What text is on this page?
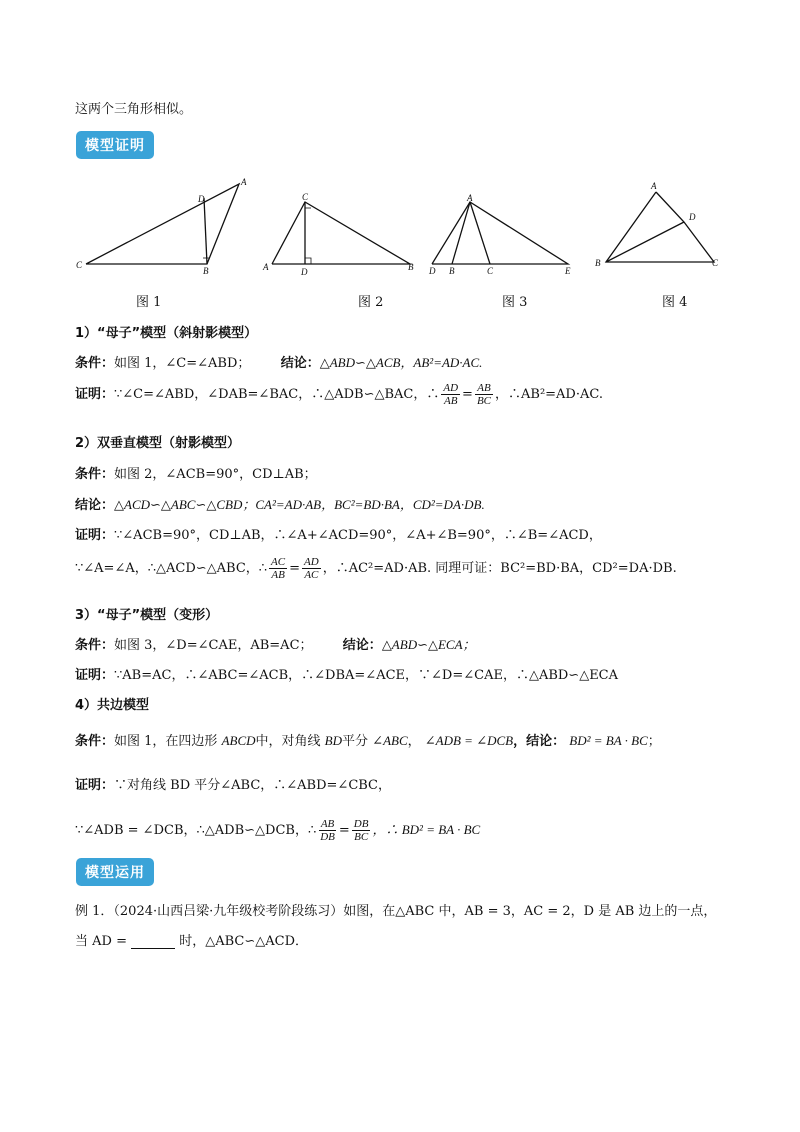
这两个三角形相似。
模型证明
A
D
C
B
C
A	D	B
A
D B	C	E
A
D
B	C
图 1	图 2	图 3	图 4
1）“母子”模型（斜射影模型）
条件：如图 1，∠C=∠ABD； 结论：△ABD∽△ACB，AB²=AD·AC.
证明：∵∠C=∠ABD，∠DAB=∠BAC，∴△ADB∽△BAC，∴ $\frac{AD}{AB} = \frac{AB}{BC}$ ，∴AB²=AD·AC.
2）双垂直模型（射影模型）
条件：如图 2，∠ACB=90°，CD⊥AB；
结论：△ACD∽△ABC∽△CBD；CA²=AD·AB，BC²=BD·BA，CD²=DA·DB.
证明：∵∠ACB=90°，CD⊥AB，∴∠A+∠ACD=90°，∠A+∠B=90°，∴∠B=∠ACD，
∵∠A=∠A，∴△ACD∽△ABC，∴ $\frac{AC}{AB} = \frac{AD}{AC}$ ，∴AC²=AD·AB. 同理可证：BC²=BD·BA，CD²=DA·DB.
3）“母子”模型（变形）
条件：如图 3，∠D=∠CAE，AB=AC； 结论：△ABD∽△ECA；
证明：∵AB=AC，∴∠ABC=∠ACB，∴∠DBA=∠ACE，∵∠D=∠CAE，∴△ABD∽△ECA
4）共边模型
条件：如图 1，在四边形 ABCD中，对角线 BD平分 ∠ABC， ∠ADB = ∠DCB，结论： BD² = BA · BC；
证明：∵对角线 BD 平分∠ABC，∴∠ABD=∠CBC，
∵∠ADB = ∠DCB，∴△ADB∽△DCB，∴ $\frac{AB}{DB} = \frac{DB}{BC}$ ，∴ BD² = BA · BC
模型运用
例 1．（2024·山西吕梁·九年级校考阶段练习）如图，在△ABC 中，AB = 3，AC = 2，D 是 AB 边上的一点，
当 AD =	时，△ABC∽△ACD．
